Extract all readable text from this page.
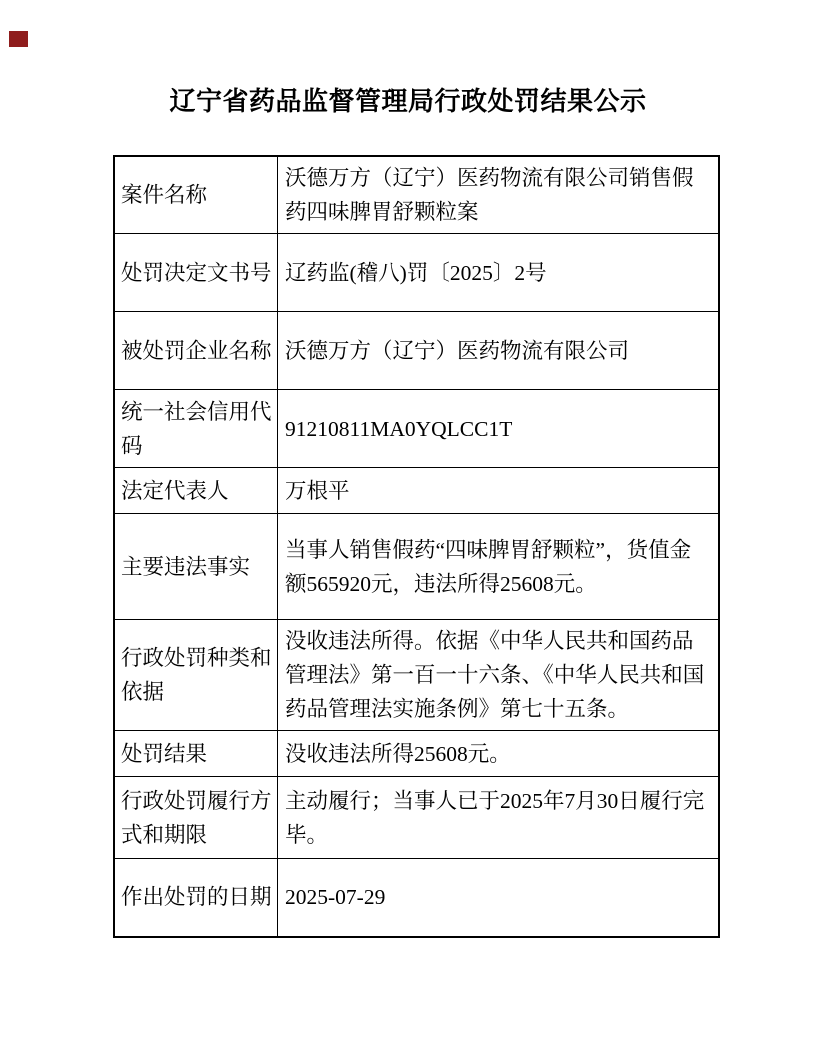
辽宁省药品监督管理局行政处罚结果公示
案件名称	沃德万方（辽宁）医药物流有限公司销售假药四味脾胃舒颗粒案
处罚决定文书号	辽药监(稽八)罚〔2025〕2号
被处罚企业名称	沃德万方（辽宁）医药物流有限公司
统一社会信用代码	91210811MA0YQLCC1T
法定代表人	万根平
主要违法事实	当事人销售假药“四味脾胃舒颗粒”，货值金额565920元，违法所得25608元。
行政处罚种类和依据	没收违法所得。依据《中华人民共和国药品管理法》第一百一十六条、《中华人民共和国药品管理法实施条例》第七十五条。
处罚结果	没收违法所得25608元。
行政处罚履行方式和期限	主动履行；当事人已于2025年7月30日履行完毕。
作出处罚的日期	2025-07-29
